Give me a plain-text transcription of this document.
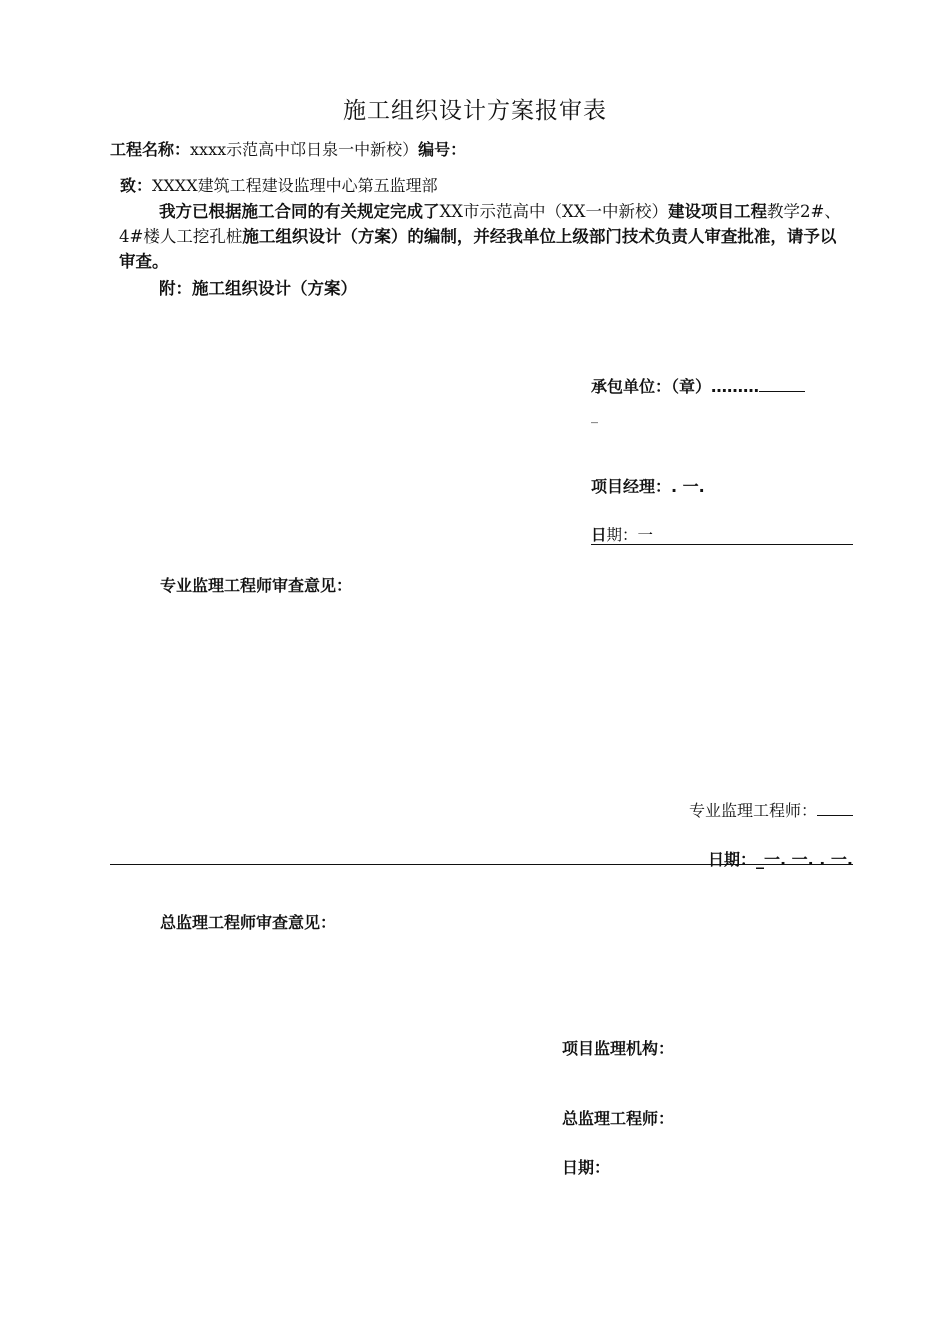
施工组织设计方案报审表
工程名称：xxxx示范高中邙日泉一中新校）编号：
致：XXXX建筑工程建设监理中心第五监理部
我方已根据施工合同的有关规定完成了XX市示范高中（XX一中新校）建设项目工程教学2#、4#楼人工挖孔桩施工组织设计（方案）的编制，并经我单位上级部门技术负责人审查批准，请予以审查。
附：施工组织设计（方案）
承包单位：（章）………
_
项目经理：. 一.
日期：一
专业监理工程师审查意见：
专业监理工程师：
日期：_一. 一. . 一.
总监理工程师审查意见：
项目监理机构：
总监理工程师：
日期：
